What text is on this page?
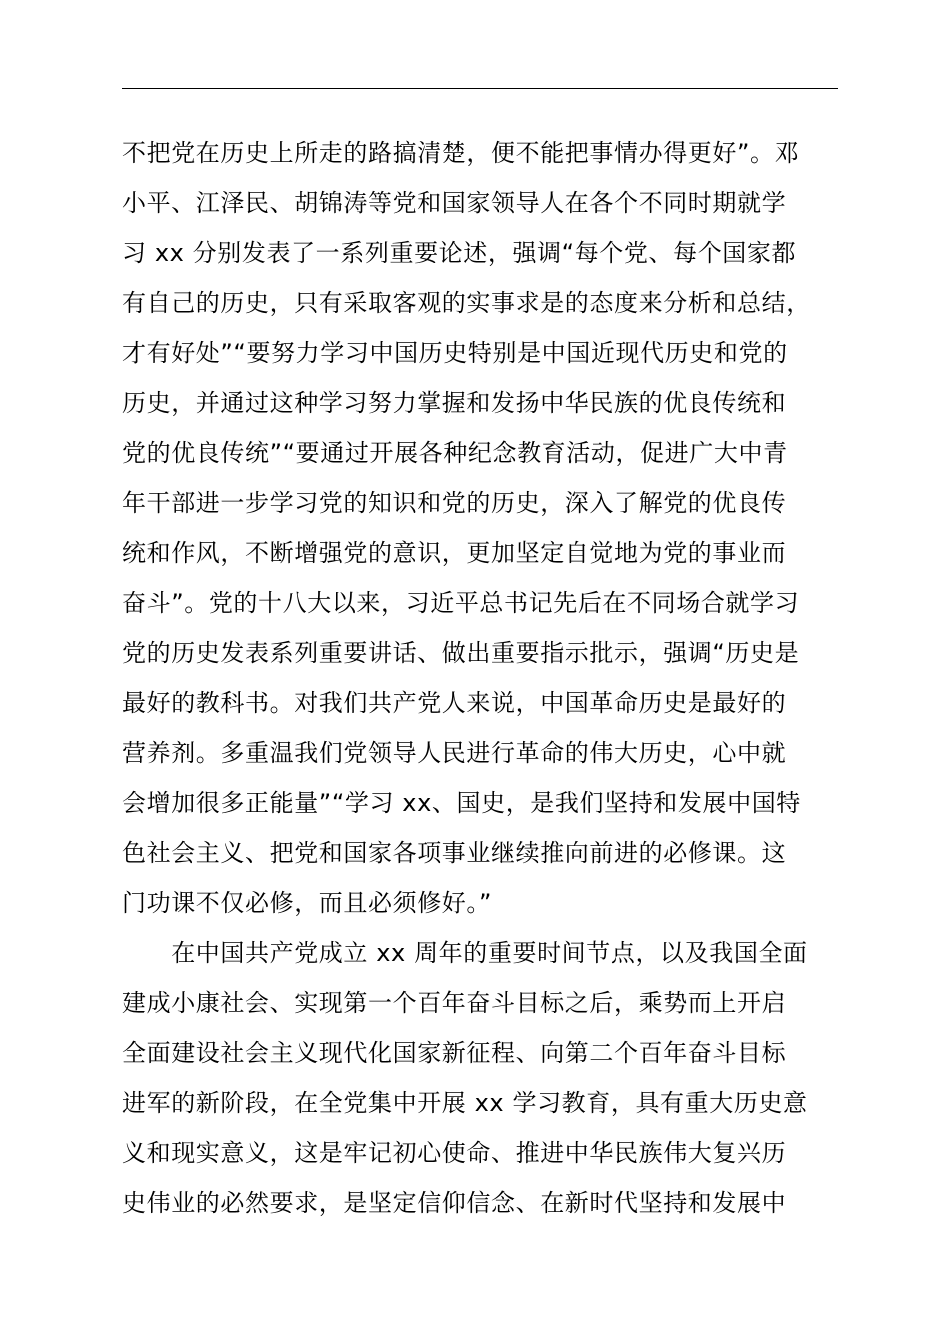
不把党在历史上所走的路搞清楚，便不能把事情办得更好”。邓
小平、江泽民、胡锦涛等党和国家领导人在各个不同时期就学
习 xx 分别发表了一系列重要论述，强调“每个党、每个国家都
有自己的历史，只有采取客观的实事求是的态度来分析和总结，
才有好处”“要努力学习中国历史特别是中国近现代历史和党的
历史，并通过这种学习努力掌握和发扬中华民族的优良传统和
党的优良传统”“要通过开展各种纪念教育活动，促进广大中青
年干部进一步学习党的知识和党的历史，深入了解党的优良传
统和作风，不断增强党的意识，更加坚定自觉地为党的事业而
奋斗”。党的十八大以来，习近平总书记先后在不同场合就学习
党的历史发表系列重要讲话、做出重要指示批示，强调“历史是
最好的教科书。对我们共产党人来说，中国革命历史是最好的
营养剂。多重温我们党领导人民进行革命的伟大历史，心中就
会增加很多正能量”“学习 xx、国史，是我们坚持和发展中国特
色社会主义、把党和国家各项事业继续推向前进的必修课。这
门功课不仅必修，而且必须修好。”
　　在中国共产党成立 xx 周年的重要时间节点，以及我国全面
建成小康社会、实现第一个百年奋斗目标之后，乘势而上开启
全面建设社会主义现代化国家新征程、向第二个百年奋斗目标
进军的新阶段，在全党集中开展 xx 学习教育，具有重大历史意
义和现实意义，这是牢记初心使命、推进中华民族伟大复兴历
史伟业的必然要求，是坚定信仰信念、在新时代坚持和发展中
